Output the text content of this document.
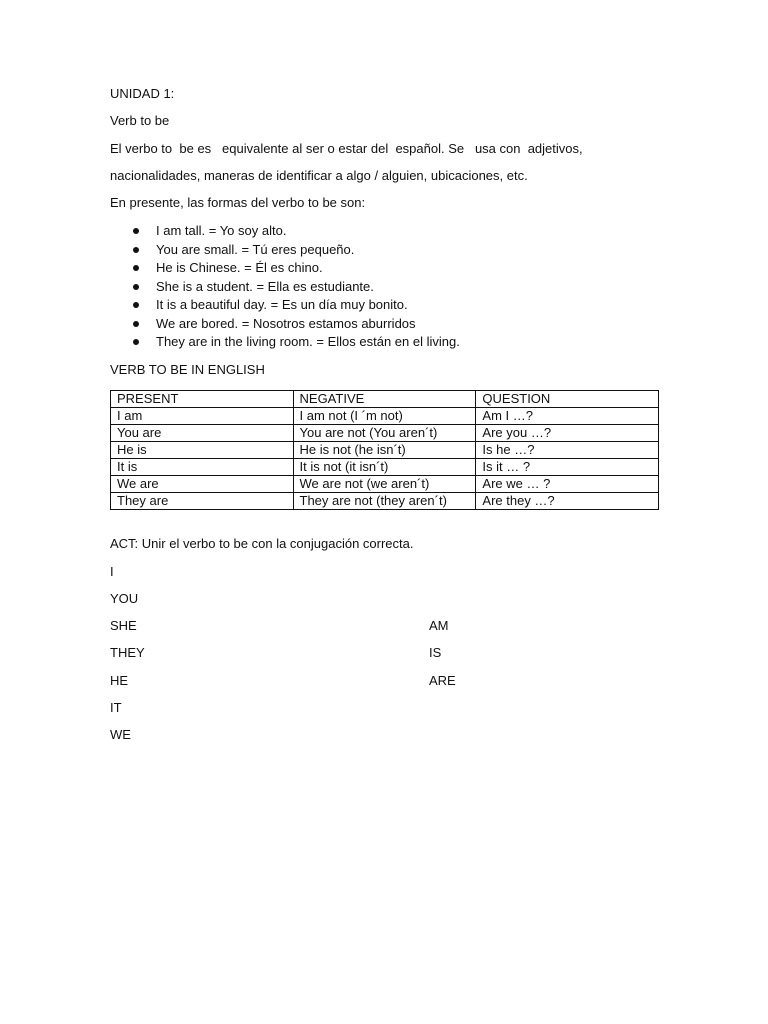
UNIDAD 1:

Verb to be

El verbo to  be es   equivalente al ser o estar del  español. Se   usa con  adjetivos,

nacionalidades, maneras de identificar a algo / alguien, ubicaciones, etc.

En presente, las formas del verbo to be son:

I am tall. = Yo soy alto.
You are small. = Tú eres pequeño.
He is Chinese. = Él es chino.
She is a student. = Ella es estudiante.
It is a beautiful day. = Es un día muy bonito.
We are bored. = Nosotros estamos aburridos
They are in the living room. = Ellos están en el living.

VERB TO BE IN ENGLISH

PRESENT	NEGATIVE	QUESTION
I am	I am not (I ´m not)	Am I …?
You are	You are not (You aren´t)	Are you …?
He is	He is not (he isn´t)	Is he …?
It is	It is not (it isn´t)	Is it … ?
We are	We are not (we aren´t)	Are we … ?
They are	They are not (they aren´t)	Are they …?

ACT: Unir el verbo to be con la conjugación correcta.

I

YOU

SHE

THEY

HE

IT

WE

AM

IS

ARE
